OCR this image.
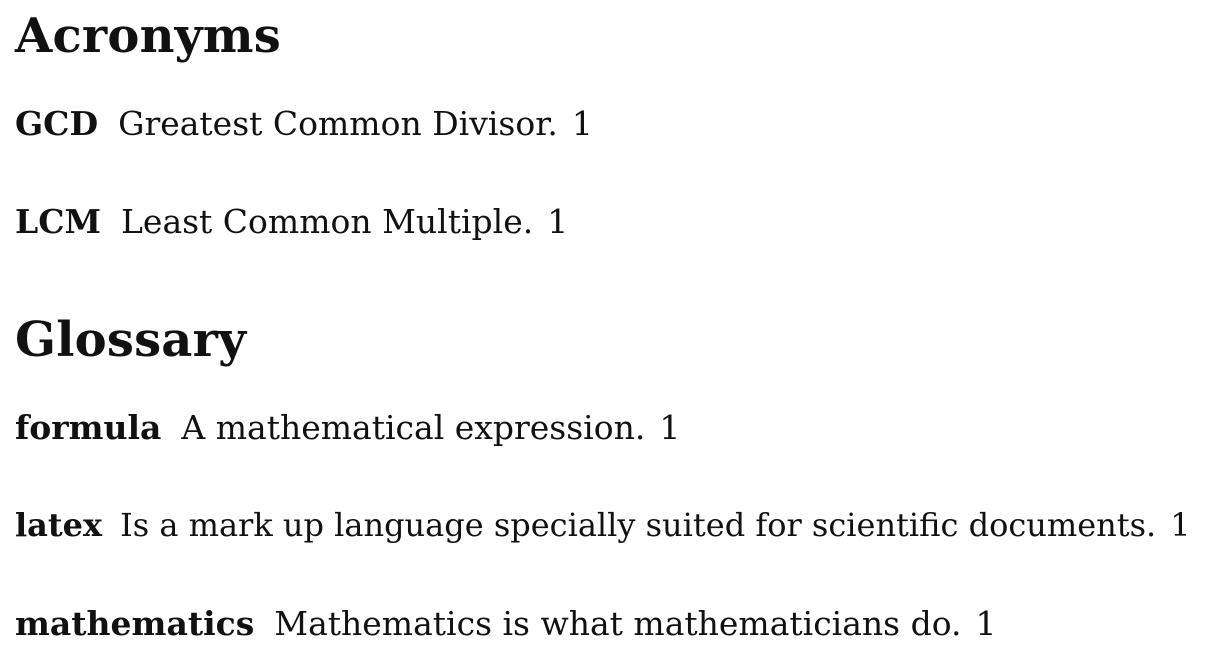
Acronyms
GCD Greatest Common Divisor. 1
LCM Least Common Multiple. 1
Glossary
formula A mathematical expression. 1
latex Is a mark up language specially suited for scientific documents. 1
mathematics Mathematics is what mathematicians do. 1
